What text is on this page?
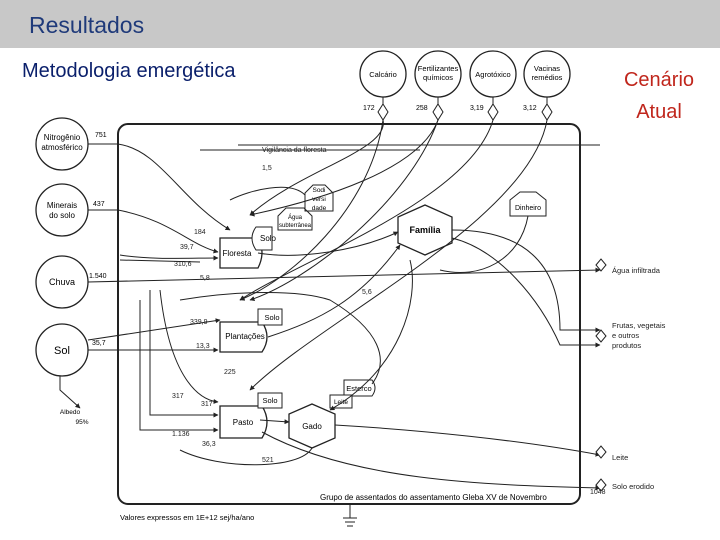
Resultados
Metodologia emergética	Cenário
Atual
Nitrogênio
atmosférico
751
Minerais
do solo
437
Chuva
1.540
Sol
35,7
Calcário
172
Fertilizantes
químicos
258
Agrotóxico
3,19
Vacinas
remédios
3,12
Floresta
Solo
Plantações
Solo
Pasto
Solo
Gado
Esterco
Leite
Família
Dinheiro
Sodi
versi
dade
Água
subterrânea
Vigilância da floresta
1,5
184
39,7
310,6
5,8
5,6
339,9
13,3
225
317
317
1.136
36,3
521
1048
Albedo
95%
Grupo de assentados do assentamento Gleba XV de Novembro
Valores expressos em 1E+12 sej/ha/ano
Água infiltrada
Frutas, vegetais
e outros
produtos
Leite
Solo erodido
